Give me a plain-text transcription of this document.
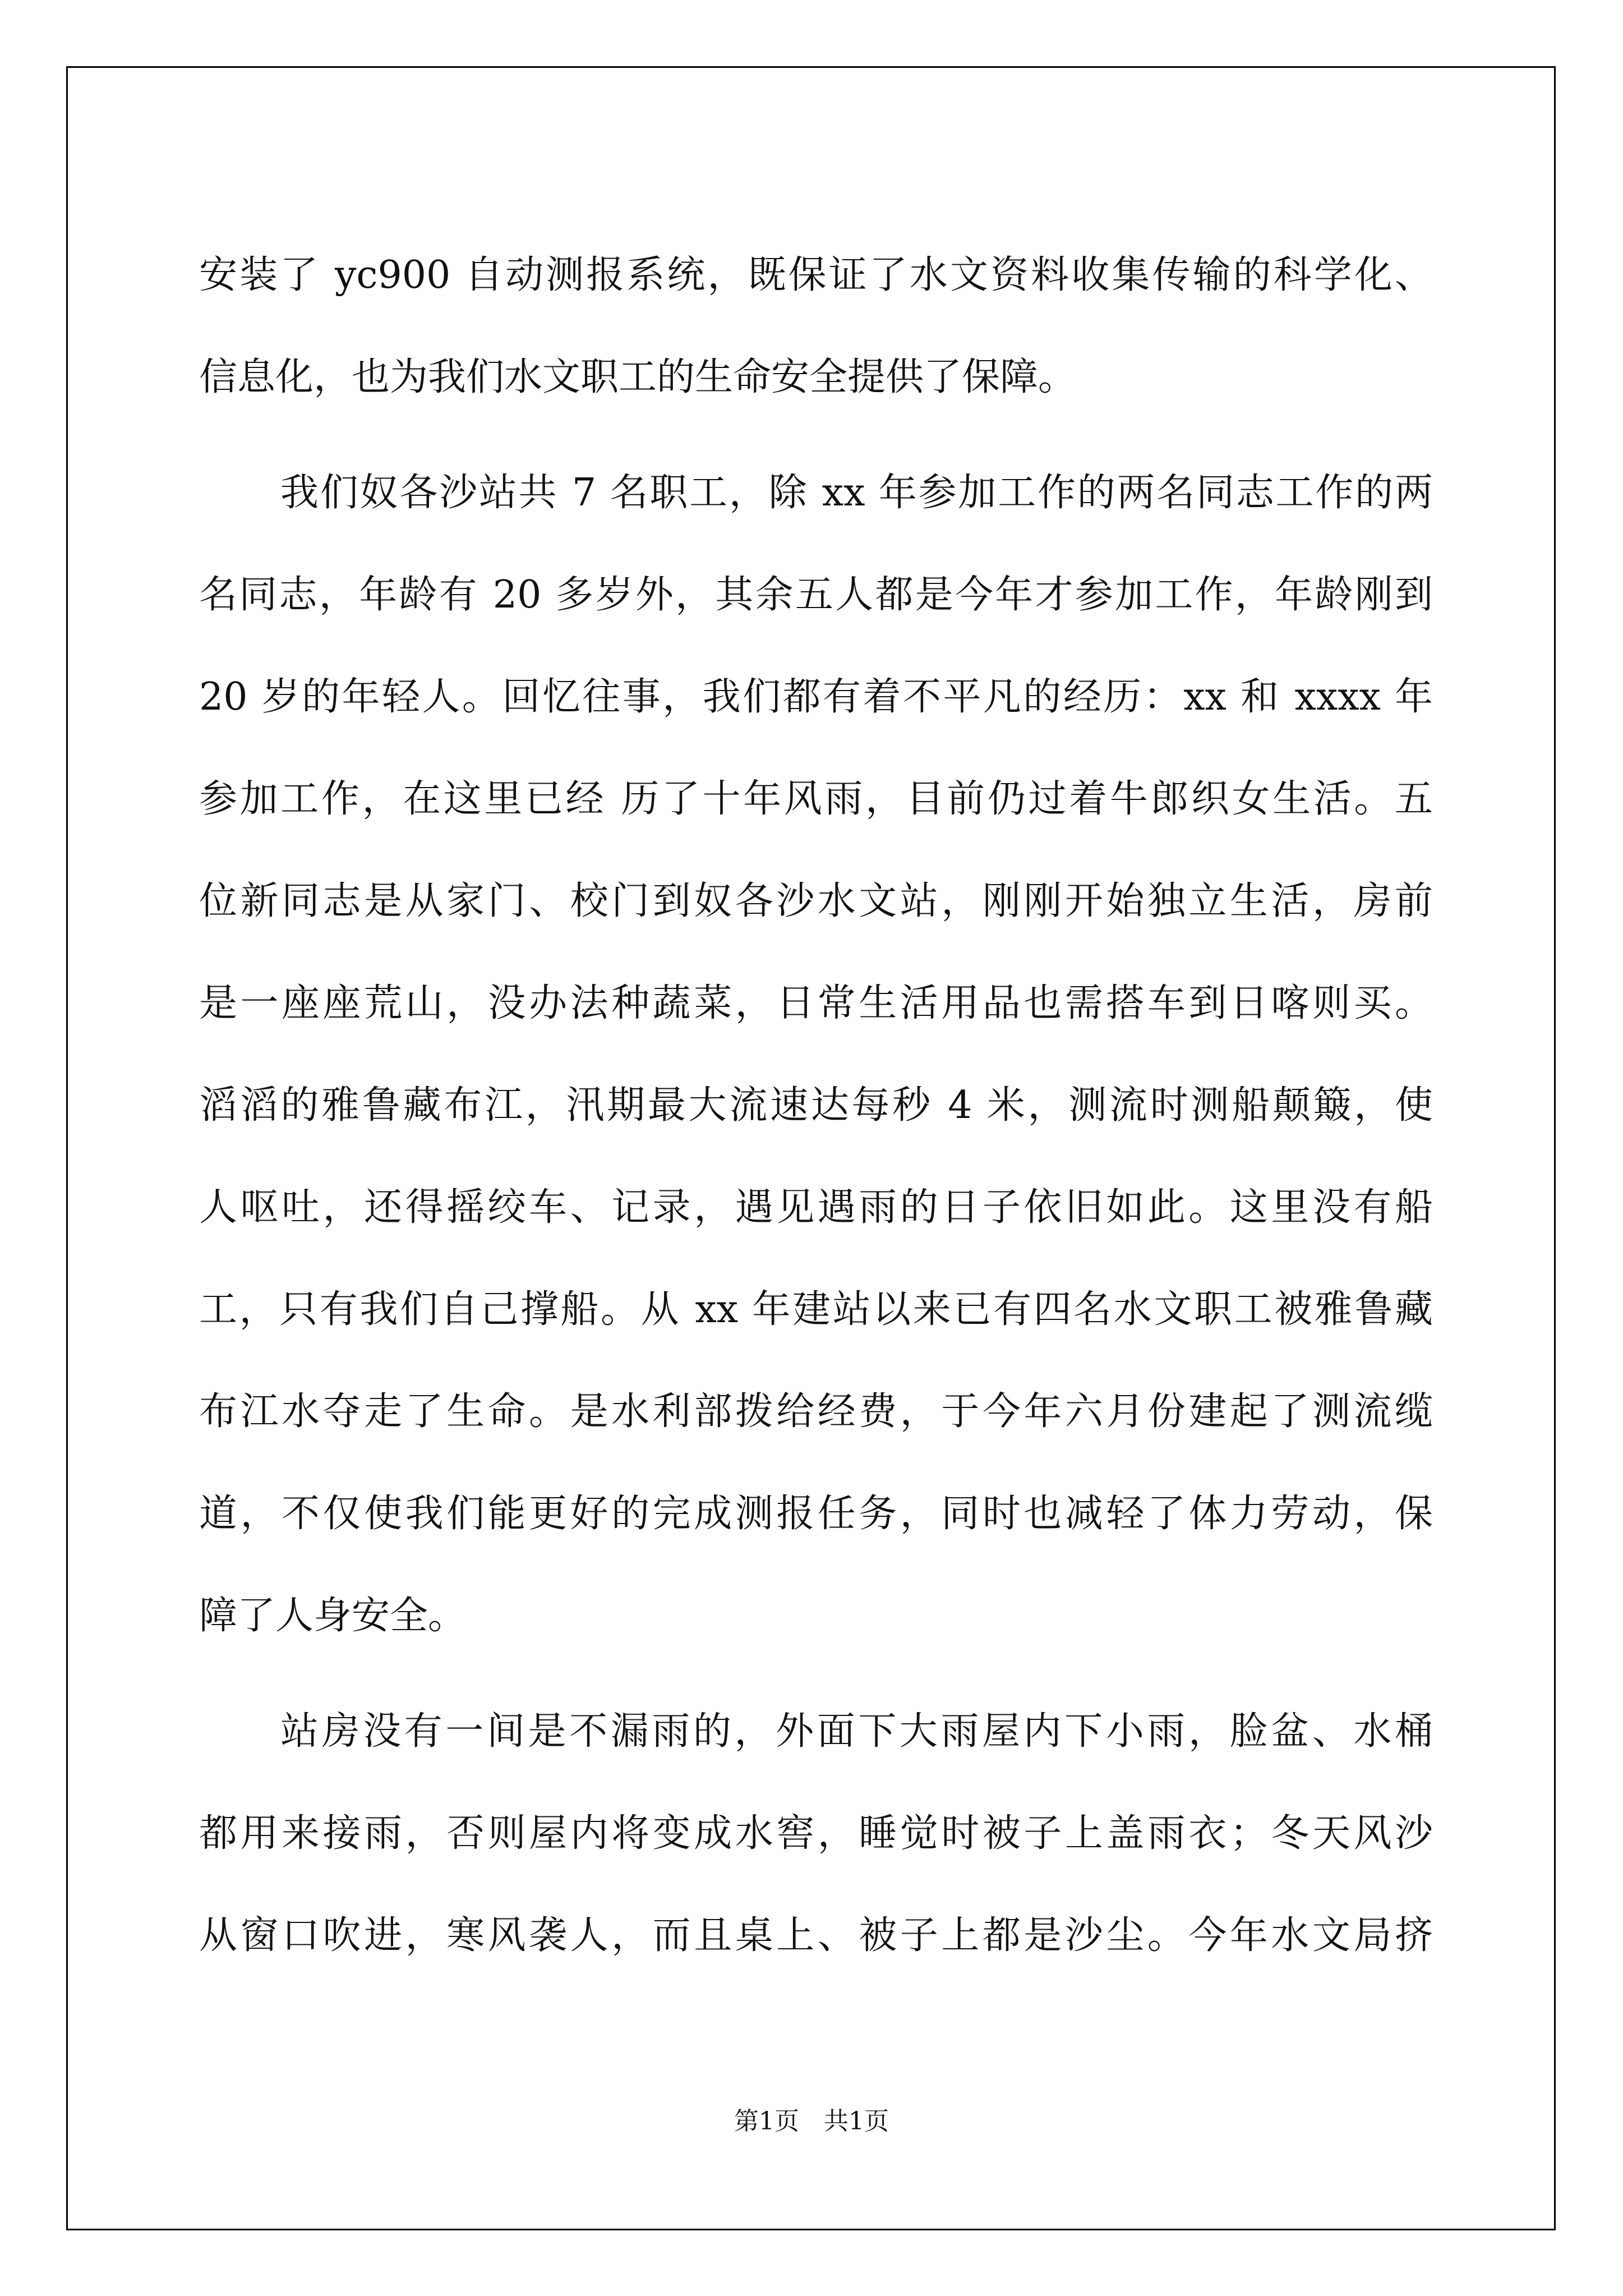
安装了 yc900 自动测报系统，既保证了水文资料收集传输的科学化、
信息化，也为我们水文职工的生命安全提供了保障。
我们奴各沙站共 7 名职工，除 xx 年参加工作的两名同志工作的两
名同志，年龄有 20 多岁外，其余五人都是今年才参加工作，年龄刚到
20 岁的年轻人。回忆往事，我们都有着不平凡的经历：xx 和 xxxx 年
参加工作，在这里已经 历了十年风雨，目前仍过着牛郎织女生活。五
位新同志是从家门、校门到奴各沙水文站，刚刚开始独立生活，房前
是一座座荒山，没办法种蔬菜，日常生活用品也需搭车到日喀则买。
滔滔的雅鲁藏布江，汛期最大流速达每秒 4 米，测流时测船颠簸，使
人呕吐，还得摇绞车、记录，遇见遇雨的日子依旧如此。这里没有船
工，只有我们自己撑船。从 xx 年建站以来已有四名水文职工被雅鲁藏
布江水夺走了生命。是水利部拨给经费，于今年六月份建起了测流缆
道，不仅使我们能更好的完成测报任务，同时也减轻了体力劳动，保
障了人身安全。
站房没有一间是不漏雨的，外面下大雨屋内下小雨，脸盆、水桶
都用来接雨，否则屋内将变成水窖，睡觉时被子上盖雨衣；冬天风沙
从窗口吹进，寒风袭人，而且桌上、被子上都是沙尘。今年水文局挤
第1页　共1页
